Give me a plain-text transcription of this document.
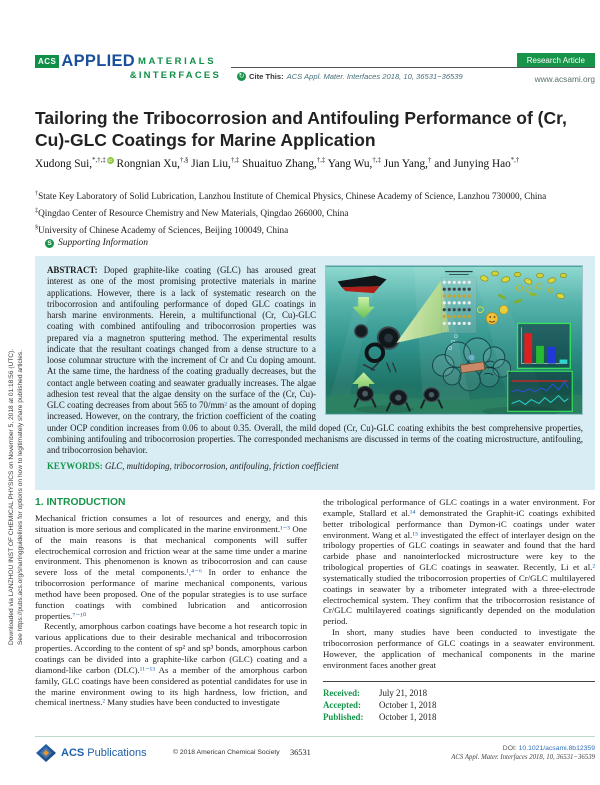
Downloaded via LANZHOU INST OF CHEMICAL PHYSICS on November 5, 2018 at 01:18:56 (UTC). See https://pubs.acs.org/sharingguidelines for options on how to legitimately share published articles.
ACS APPLIED MATERIALS
&INTERFACES
Research Article
↻ Cite This: ACS Appl. Mater. Interfaces 2018, 10, 36531−36539	www.acsami.org
Tailoring the Tribocorrosion and Antifouling Performance of (Cr, Cu)-GLC Coatings for Marine Application
Xudong Sui,*,†,‡ iD Rongnian Xu,†,§ Jian Liu,†,‡ Shuaituo Zhang,†,‡ Yang Wu,†,‡ Jun Yang,† and Junying Hao*,†
†State Key Laboratory of Solid Lubrication, Lanzhou Institute of Chemical Physics, Chinese Academy of Science, Lanzhou 730000, China
‡Qingdao Center of Resource Chemistry and New Materials, Qingdao 266000, China
§University of Chinese Academy of Sciences, Beijing 100049, China
S Supporting Information
ABSTRACT: Doped graphite-like coating (GLC) has aroused great interest as one of the most promising protective materials in marine applications. However, there is a lack of systematic research on the tribocorrosion and antifouling performance of doped GLC coatings in harsh marine environments. Herein, a multifunctional (Cr, Cu)-GLC coating with combined antifouling and tribocorrosion properties was prepared via a magnetron sputtering method. The experimental results indicate that the resultant coatings changed from a dense structure to a loose columnar structure with the increment of Cr and Cu doping amount. At the same time, the hardness of the coating gradually decreases, but the contact angle between coating and seawater gradually increases. The algae adhesion test reveal that the algae density on the surface of the (Cr, Cu)-GLC coating decreases from about 565 to 70/mm² as the amount of doping increased. However, on the contrary, the friction coefficient of the coating under OCP condition increases from 0.06 to about 0.35. Overall, the mild doped (Cr, Cu)-GLC coating exhibits the best comprehensive properties, combining antifouling and tribocorrosion properties. The corresponded mechanisms are discussed in terms of the coating microstructure, antifouling, and tribocorrosion behavior.
KEYWORDS: GLC, multidoping, tribocorrosion, antifouling, friction coefficient
1. INTRODUCTION

Mechanical friction consumes a lot of resources and energy, and this situation is more serious and complicated in the marine environment.¹⁻³ One of the main reasons is that mechanical components will suffer electrochemical corrosion and friction wear at the same time under a marine environment. This phenomenon is known as tribocorrosion and can cause severe loss of the metal components.¹,⁴⁻⁶ In order to enhance the tribocorrosion performance of marine mechanical components, various method have been proposed. One of the popular strategies is to use surface function coatings with combined lubrication and anticorrosion properties.⁷⁻¹⁰

Recently, amorphous carbon coatings have become a hot research topic in various applications due to their desirable mechanical and tribocorrosion properties. According to the content of sp² and sp³ bonds, amorphous carbon coatings can be divided into a graphite-like carbon (GLC) coating and a diamond-like carbon (DLC).¹¹⁻¹³ As a member of the amorphous carbon family, GLC coatings have been considered as potential candidates for use in the marine environment owing to its high hardness, low friction, and chemical inertness.² Many studies have been conducted to investigate

the tribological performance of GLC coatings in a water environment. For example, Stallard et al.¹⁴ demonstrated the Graphit-iC coatings exhibited better tribological performance than Dymon-iC coatings under water environment. Wang et al.¹⁵ investigated the effect of interlayer design on the tribology properties of GLC coatings in seawater and found that the hard carbide phase and nanointerlocked microstructure were key to the tribological properties of GLC coatings in seawater. Recently, Li et al.² systematically studied the tribocorrosion properties of Cr/GLC multilayered coatings in seawater by a tribometer integrated with a three-electrode electrochemical system. They confirm that the tribocorrosion resistance of Cr/GLC multilayered coatings significantly depended on the modulation period.

In short, many studies have been conducted to investigate the tribocorrosion performance of GLC coatings in a seawater environment. However, the application of mechanical components in the marine environment faces another great

Received: July 21, 2018
Accepted: October 1, 2018
Published: October 1, 2018
ACS Publications	© 2018 American Chemical Society 36531	DOI: 10.1021/acsami.8b12359
ACS Appl. Mater. Interfaces 2018, 10, 36531−36539
